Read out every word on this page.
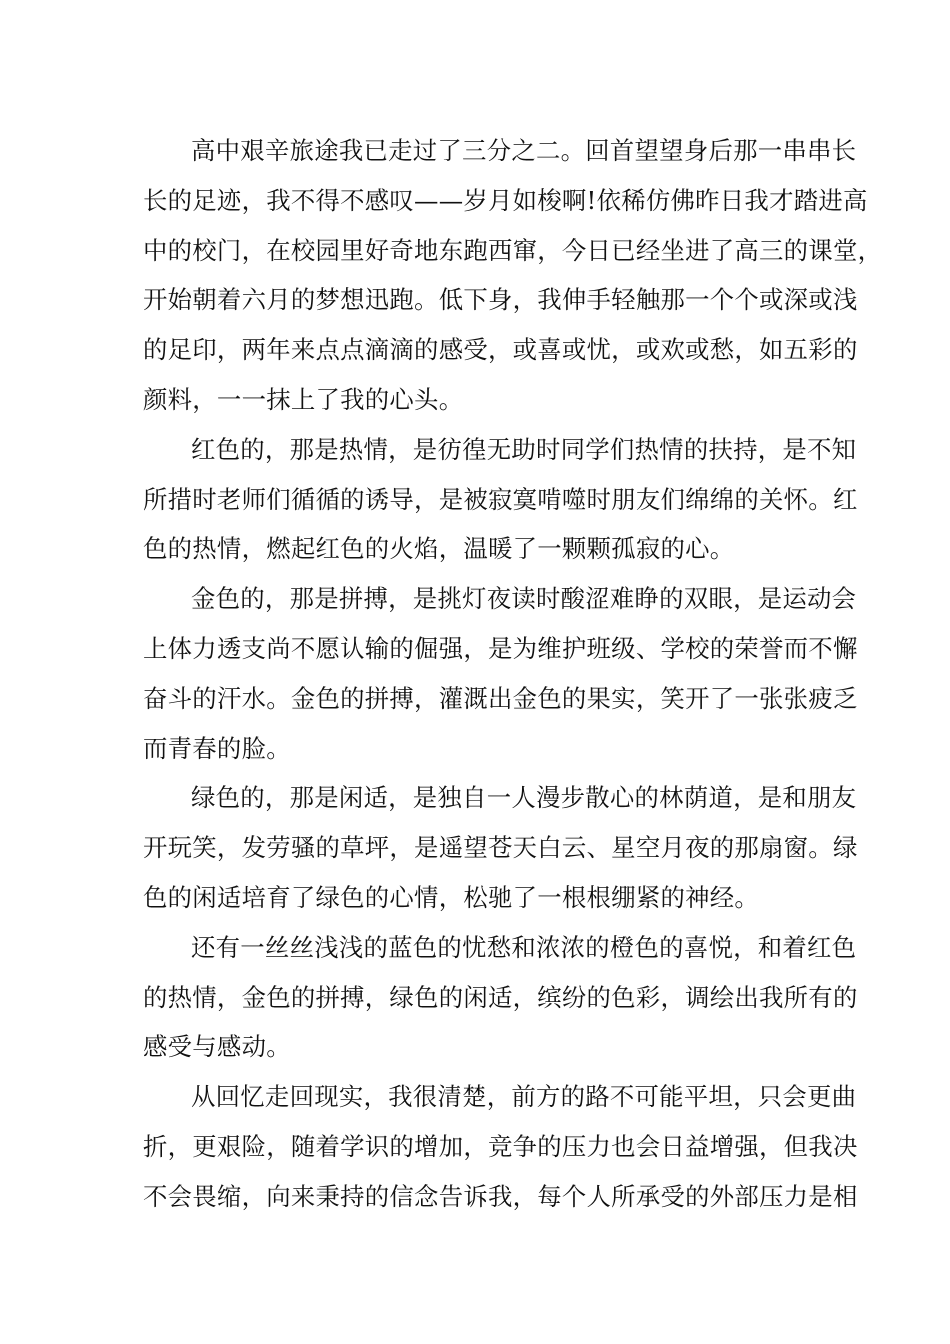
高中艰辛旅途我已走过了三分之二。回首望望身后那一串串长
长的足迹，我不得不感叹——岁月如梭啊!依稀仿佛昨日我才踏进高
中的校门，在校园里好奇地东跑西窜，今日已经坐进了高三的课堂，
开始朝着六月的梦想迅跑。低下身，我伸手轻触那一个个或深或浅
的足印，两年来点点滴滴的感受，或喜或忧，或欢或愁，如五彩的
颜料，一一抹上了我的心头。
红色的，那是热情，是彷徨无助时同学们热情的扶持，是不知
所措时老师们循循的诱导，是被寂寞啃噬时朋友们绵绵的关怀。红
色的热情，燃起红色的火焰，温暖了一颗颗孤寂的心。
金色的，那是拼搏，是挑灯夜读时酸涩难睁的双眼，是运动会
上体力透支尚不愿认输的倔强，是为维护班级、学校的荣誉而不懈
奋斗的汗水。金色的拼搏，灌溉出金色的果实，笑开了一张张疲乏
而青春的脸。
绿色的，那是闲适，是独自一人漫步散心的林荫道，是和朋友
开玩笑，发劳骚的草坪，是遥望苍天白云、星空月夜的那扇窗。绿
色的闲适培育了绿色的心情，松驰了一根根绷紧的神经。
还有一丝丝浅浅的蓝色的忧愁和浓浓的橙色的喜悦，和着红色
的热情，金色的拼搏，绿色的闲适，缤纷的色彩，调绘出我所有的
感受与感动。
从回忆走回现实，我很清楚，前方的路不可能平坦，只会更曲
折，更艰险，随着学识的增加，竞争的压力也会日益增强，但我决
不会畏缩，向来秉持的信念告诉我，每个人所承受的外部压力是相
